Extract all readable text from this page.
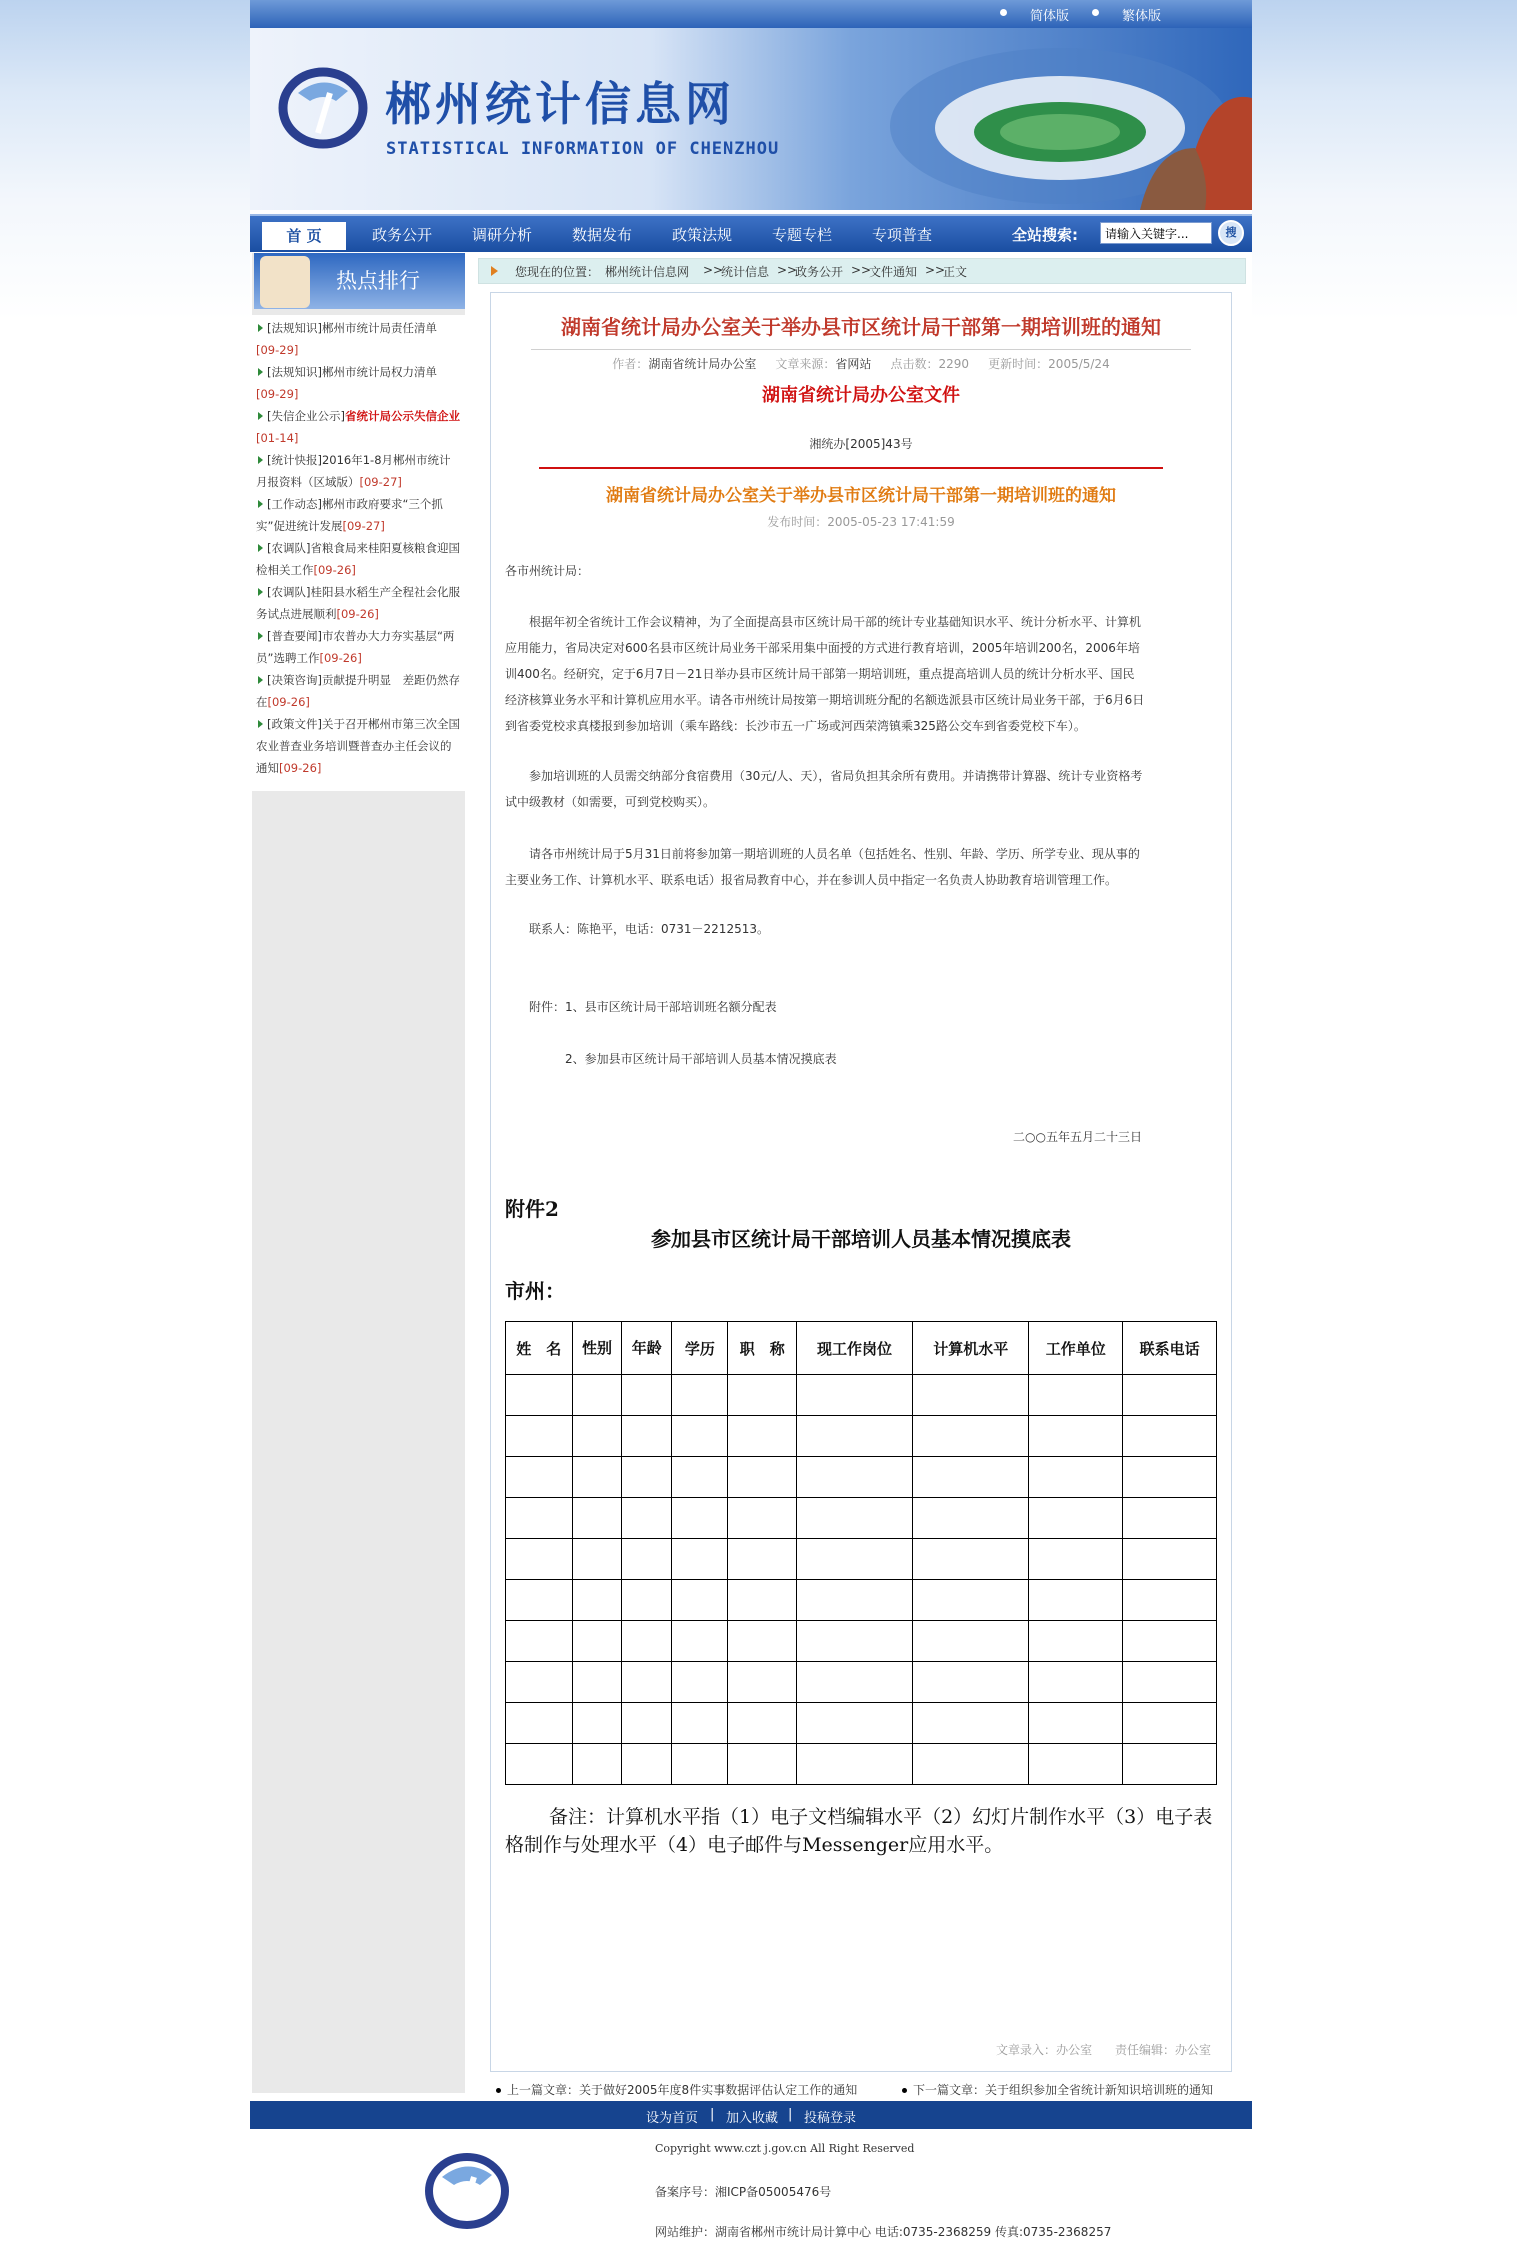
简体版	繁体版
郴州统计信息网
STATISTICAL INFORMATION OF CHENZHOU
首 页	政务公开	调研分析	数据发布	政策法规	专题专栏	专项普查	全站搜索:
请输入关键字...	搜
热点排行
[法规知识]郴州市统计局责任清单
[09-29]
[法规知识]郴州市统计局权力清单
[09-29]
[失信企业公示]省统计局公示失信企业[01-14]
[统计快报]2016年1-8月郴州市统计月报资料（区域版）[09-27]
[工作动态]郴州市政府要求“三个抓实”促进统计发展[09-27]
[农调队]省粮食局来桂阳夏核粮食迎国检相关工作[09-26]
[农调队]桂阳县水稻生产全程社会化服务试点进展顺利[09-26]
[普查要闻]市农普办大力夯实基层“两员”选聘工作[09-26]
[决策咨询]贡献提升明显　差距仍然存在[09-26]
[政策文件]关于召开郴州市第三次全国农业普查业务培训暨普查办主任会议的通知[09-26]
您现在的位置： 郴州统计信息网 >>
统计信息 >>
政务公开 >>
文件通知 >>
正文
湖南省统计局办公室关于举办县市区统计局干部第一期培训班的通知
作者：湖南省统计局办公室 文章来源：省网站 点击数：2290 更新时间：2005/5/24
湖南省统计局办公室文件
湘统办[2005]43号
湖南省统计局办公室关于举办县市区统计局干部第一期培训班的通知
发布时间：2005-05-23 17:41:59
各市州统计局：
根据年初全省统计工作会议精神，为了全面提高县市区统计局干部的统计专业基础知识水平、统计分析水平、计算机应用能力，省局决定对600名县市区统计局业务干部采用集中面授的方式进行教育培训，2005年培训200名，2006年培训400名。经研究，定于6月7日－21日举办县市区统计局干部第一期培训班，重点提高培训人员的统计分析水平、国民经济核算业务水平和计算机应用水平。请各市州统计局按第一期培训班分配的名额选派县市区统计局业务干部，于6月6日到省委党校求真楼报到参加培训（乘车路线：长沙市五一广场或河西荣湾镇乘325路公交车到省委党校下车）。
参加培训班的人员需交纳部分食宿费用（30元/人、天），省局负担其余所有费用。并请携带计算器、统计专业资格考试中级教材（如需要，可到党校购买）。
请各市州统计局于5月31日前将参加第一期培训班的人员名单（包括姓名、性别、年龄、学历、所学专业、现从事的主要业务工作、计算机水平、联系电话）报省局教育中心，并在参训人员中指定一名负责人协助教育培训管理工作。
联系人：陈艳平，电话：0731－2212513。
附件：1、县市区统计局干部培训班名额分配表
2、参加县市区统计局干部培训人员基本情况摸底表
二○○五年五月二十三日
附件2
参加县市区统计局干部培训人员基本情况摸底表
市州：
姓　名	性别	年龄	学历	职　称	现工作岗位	计算机水平	工作单位	联系电话

备注：计算机水平指（1）电子文档编辑水平（2）幻灯片制作水平（3）电子表格制作与处理水平（4）电子邮件与Messenger应用水平。
文章录入：办公室 责任编辑：办公室
上一篇文章：关于做好2005年度8件实事数据评估认定工作的通知	下一篇文章：关于组织参加全省统计新知识培训班的通知
设为首页 | 加入收藏 | 投稿登录
Copyright www.czt j.gov.cn All Right Reserved
备案序号：湘ICP备05005476号
网站维护：湖南省郴州市统计局计算中心 电话:0735-2368259 传真:0735-2368257
